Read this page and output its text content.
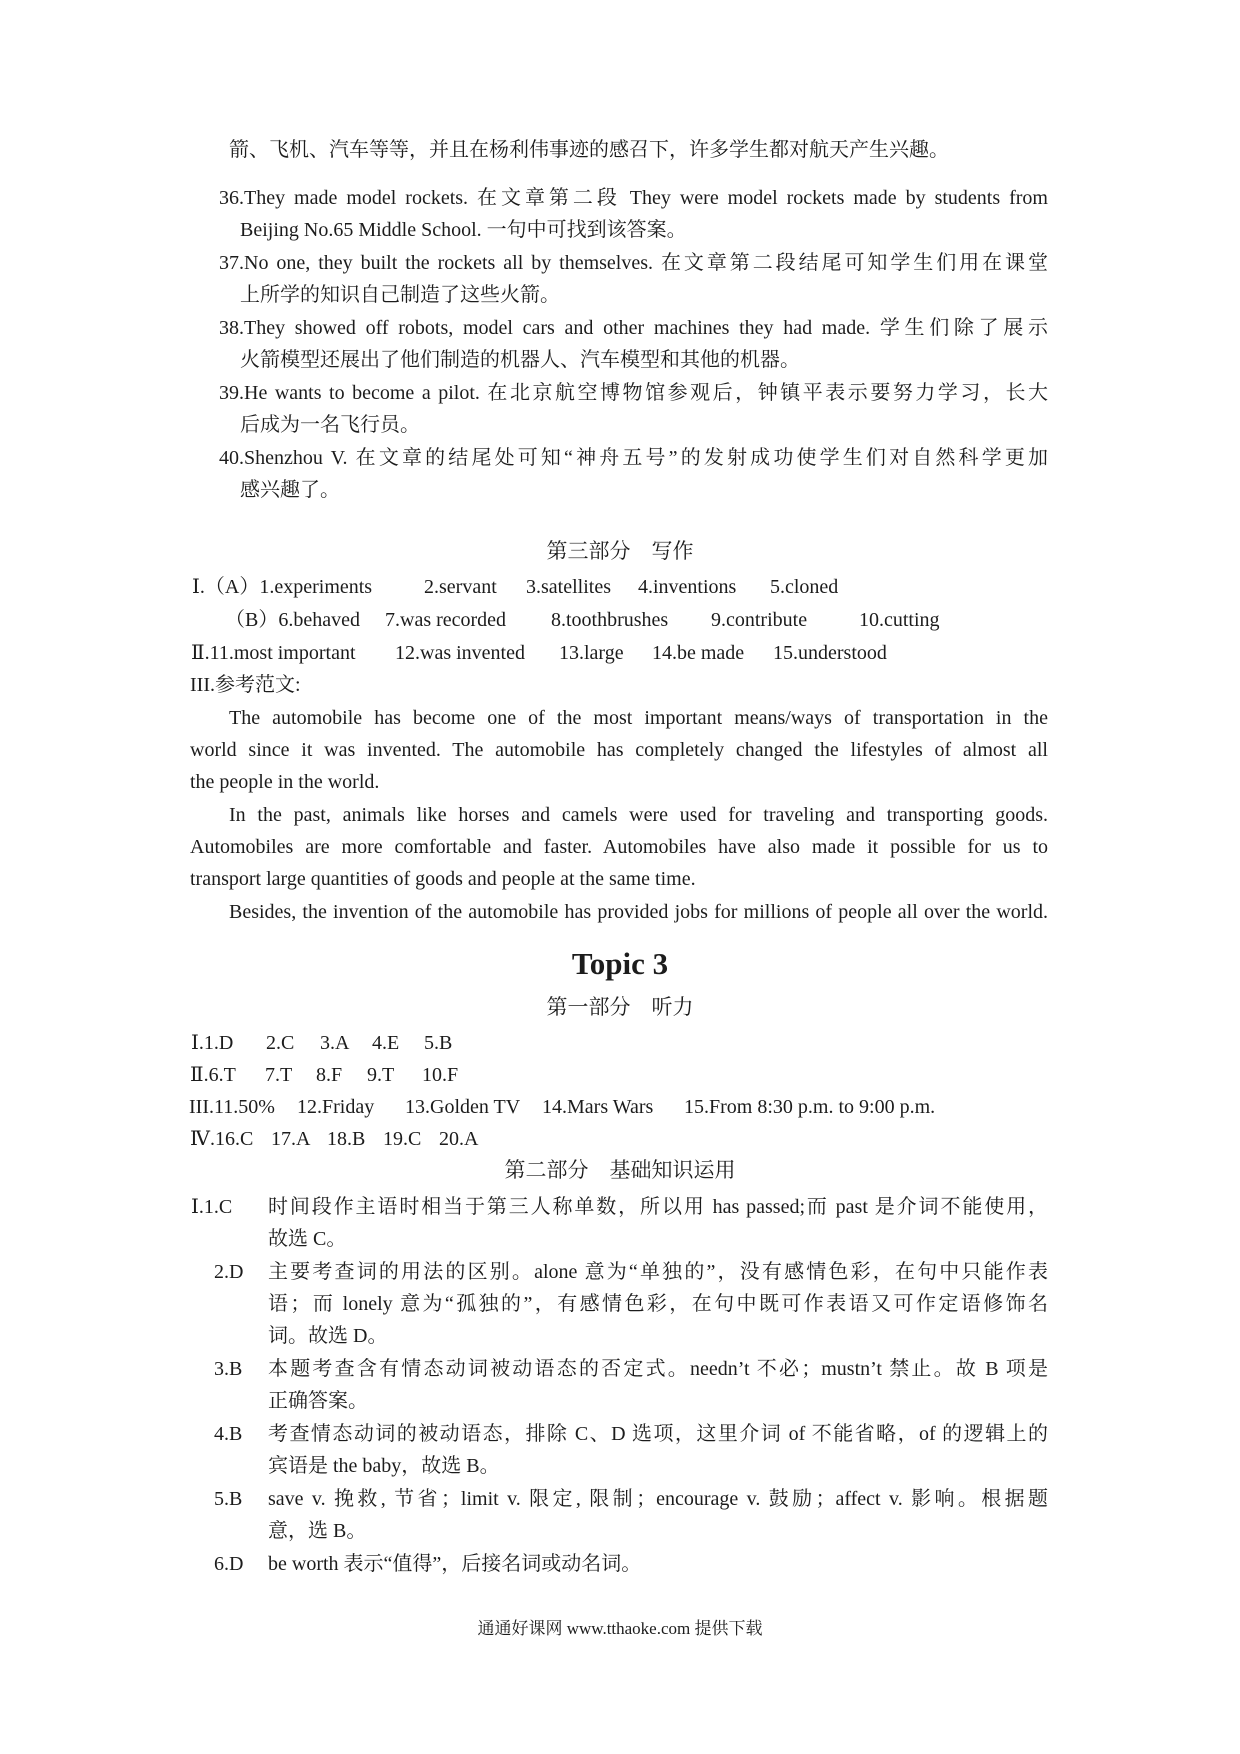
箭、飞机、汽车等等，并且在杨利伟事迹的感召下，许多学生都对航天产生兴趣。

36.They made model rockets. 在文章第二段 They were model rockets made by students from

Beijing No.65 Middle School. 一句中可找到该答案。

37.No one, they built the rockets all by themselves. 在文章第二段结尾可知学生们用在课堂

上所学的知识自己制造了这些火箭。

38.They showed off robots, model cars and other machines they had made. 学生们除了展示

火箭模型还展出了他们制造的机器人、汽车模型和其他的机器。

39.He wants to become a pilot. 在北京航空博物馆参观后，钟镇平表示要努力学习，长大

后成为一名飞行员。

40.Shenzhou V. 在文章的结尾处可知“神舟五号”的发射成功使学生们对自然科学更加

感兴趣了。

第三部分　写作

Ⅰ.（A）1.experiments	2.servant 3.satellites 4.inventions 5.cloned

（B）6.behaved 7.was recorded 8.toothbrushes 9.contribute	10.cutting

Ⅱ.11.most important 12.was invented 13.large 14.be made 15.understood

III.参考范文:

The automobile has become one of the most important means/ways of transportation in the

world since it was invented. The automobile has completely changed the lifestyles of almost all

the people in the world.

In the past, animals like horses and camels were used for traveling and transporting goods.

Automobiles are more comfortable and faster. Automobiles have also made it possible for us to

transport large quantities of goods and people at the same time.

Besides, the invention of the automobile has provided jobs for millions of people all over the world.

Topic 3

第一部分　听力

Ⅰ.1.D 2.C 3.A 4.E 5.B

Ⅱ.6.T 7.T 8.F 9.T 10.F

III.11.50% 12.Friday 13.Golden TV 14.Mars Wars 15.From 8:30 p.m. to 9:00 p.m.

Ⅳ.16.C 17.A 18.B 19.C 20.A

第二部分　基础知识运用

Ⅰ.1.C 时间段作主语时相当于第三人称单数，所以用 has passed;而 past 是介词不能使用，

故选 C。

2.D 主要考查词的用法的区别。alone 意为“单独的”，没有感情色彩，在句中只能作表

语；而 lonely 意为“孤独的”，有感情色彩，在句中既可作表语又可作定语修饰名

词。故选 D。

3.B 本题考查含有情态动词被动语态的否定式。needn’t 不必；mustn’t 禁止。故 B 项是

正确答案。

4.B 考查情态动词的被动语态，排除 C、D 选项，这里介词 of 不能省略，of 的逻辑上的

宾语是 the baby，故选 B。

5.B save v. 挽救, 节省；limit v. 限定, 限制；encourage v. 鼓励；affect v. 影响。根据题

意，选 B。

6.D be worth 表示“值得”，后接名词或动名词。

通通好课网 www.tthaoke.com 提供下载
